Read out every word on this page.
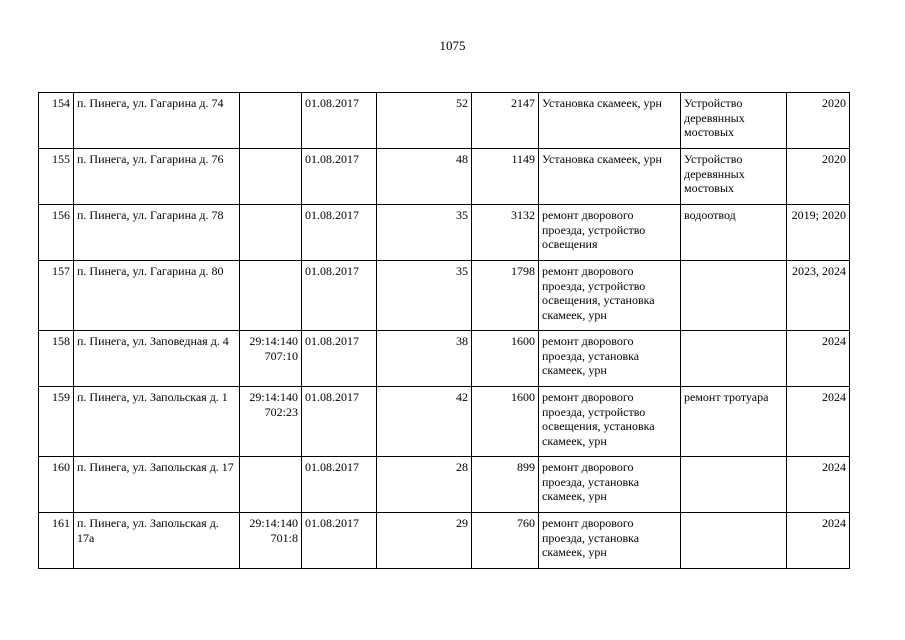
1075
154	п. Пинега, ул. Гагарина д. 74		01.08.2017	52	2147	Установка скамеек, урн	Устройство деревянных мостовых	2020
155	п. Пинега, ул. Гагарина д. 76		01.08.2017	48	1149	Установка скамеек, урн	Устройство деревянных мостовых	2020
156	п. Пинега, ул. Гагарина д. 78		01.08.2017	35	3132	ремонт дворового проезда, устройство освещения	водоотвод	2019; 2020
157	п. Пинега, ул. Гагарина д. 80		01.08.2017	35	1798	ремонт дворового проезда, устройство освещения, установка скамеек, урн		2023, 2024
158	п. Пинега, ул. Заповедная д. 4	29:14:140 707:10	01.08.2017	38	1600	ремонт дворового проезда, установка скамеек, урн		2024
159	п. Пинега, ул. Запольская д. 1	29:14:140 702:23	01.08.2017	42	1600	ремонт дворового проезда, устройство освещения, установка скамеек, урн	ремонт тротуара	2024
160	п. Пинега, ул. Запольская д. 17		01.08.2017	28	899	ремонт дворового проезда, установка скамеек, урн		2024
161	п. Пинега, ул. Запольская д. 17а	29:14:140 701:8	01.08.2017	29	760	ремонт дворового проезда, установка скамеек, урн		2024
